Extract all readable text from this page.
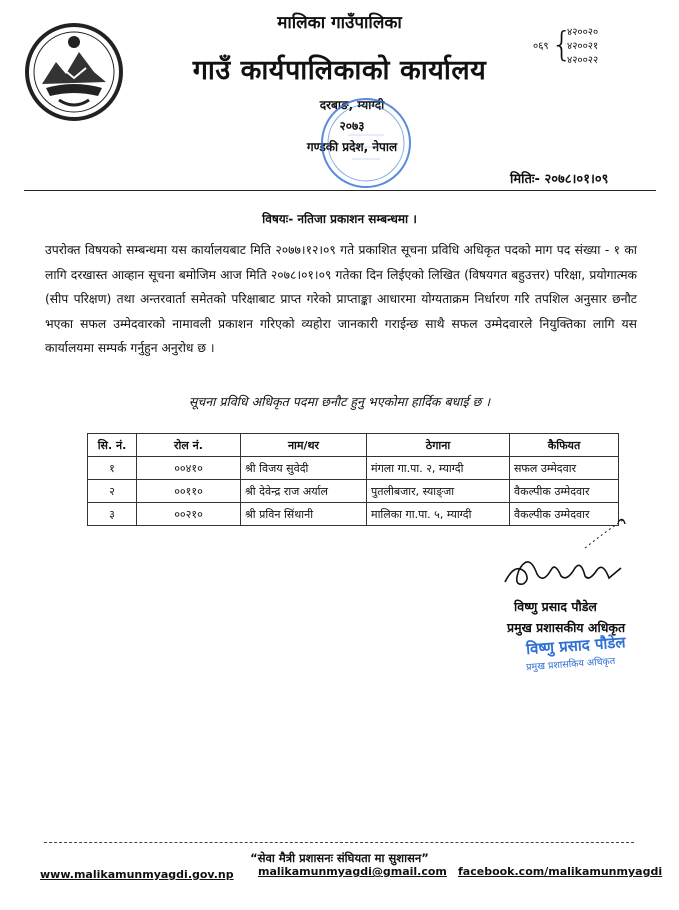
मालिका गाउँपालिका
गाउँ कार्यपालिकाको कार्यालय
दरबाङ, म्याग्दी
२०७३
गण्डकी प्रदेश, नेपाल
०६९ {
४२००२०
४२००२१
४२००२२
मितिः- २०७८।०१।०९
विषयः- नतिजा प्रकाशन सम्बन्धमा ।
उपरोक्त विषयको सम्बन्धमा यस कार्यालयबाट मिति २०७७।१२।०९ गते प्रकाशित सूचना प्रविधि अधिकृत पदको माग पद संख्या - १ का लागि दरखास्त आव्हान सूचना बमोजिम आज मिति २०७८।०१।०९ गतेका दिन लिईएको लिखित (विषयगत बहुउत्तर) परिक्षा, प्रयोगात्मक (सीप परिक्षण) तथा अन्तरवार्ता समेतको परिक्षाबाट प्राप्त गरेको प्राप्ताङ्का आधारमा योग्यताक्रम निर्धारण गरि तपशिल अनुसार छनौट भएका सफल उम्मेदवारको नामावली प्रकाशन गरिएको व्यहोरा जानकारी गराईन्छ साथै सफल उम्मेदवारले नियुक्तिका लागि यस कार्यालयमा सम्पर्क गर्नुहुन अनुरोध छ ।
सूचना प्रविधि अधिकृत पदमा छनौट हुनु भएकोमा हार्दिक बधाई छ ।
सि. नं.	रोल नं.	नाम/थर	ठेगाना	कैफियत
१	००४१०	श्री विजय सुवेदी	मंगला गा.पा. २, म्याग्दी	सफल उम्मेदवार
२	००११०	श्री देवेन्द्र राज अर्याल	पुतलीबजार, स्याङ्जा	वैकल्पीक उम्मेदवार
३	००२१०	श्री प्रविन सिंथानी	मालिका गा.पा. ५, म्याग्दी	वैकल्पीक उम्मेदवार
विष्णु प्रसाद पौडेल
प्रमुख प्रशासकीय अधिकृत
विष्णु प्रसाद पौडेल
प्रमुख प्रशासकिय अधिकृत
“सेवा मैत्री प्रशासनः संघियता मा सुशासन”
www.malikamunmyagdi.gov.np malikamunmyagdi@gmail.com facebook.com/malikamunmyagdi
